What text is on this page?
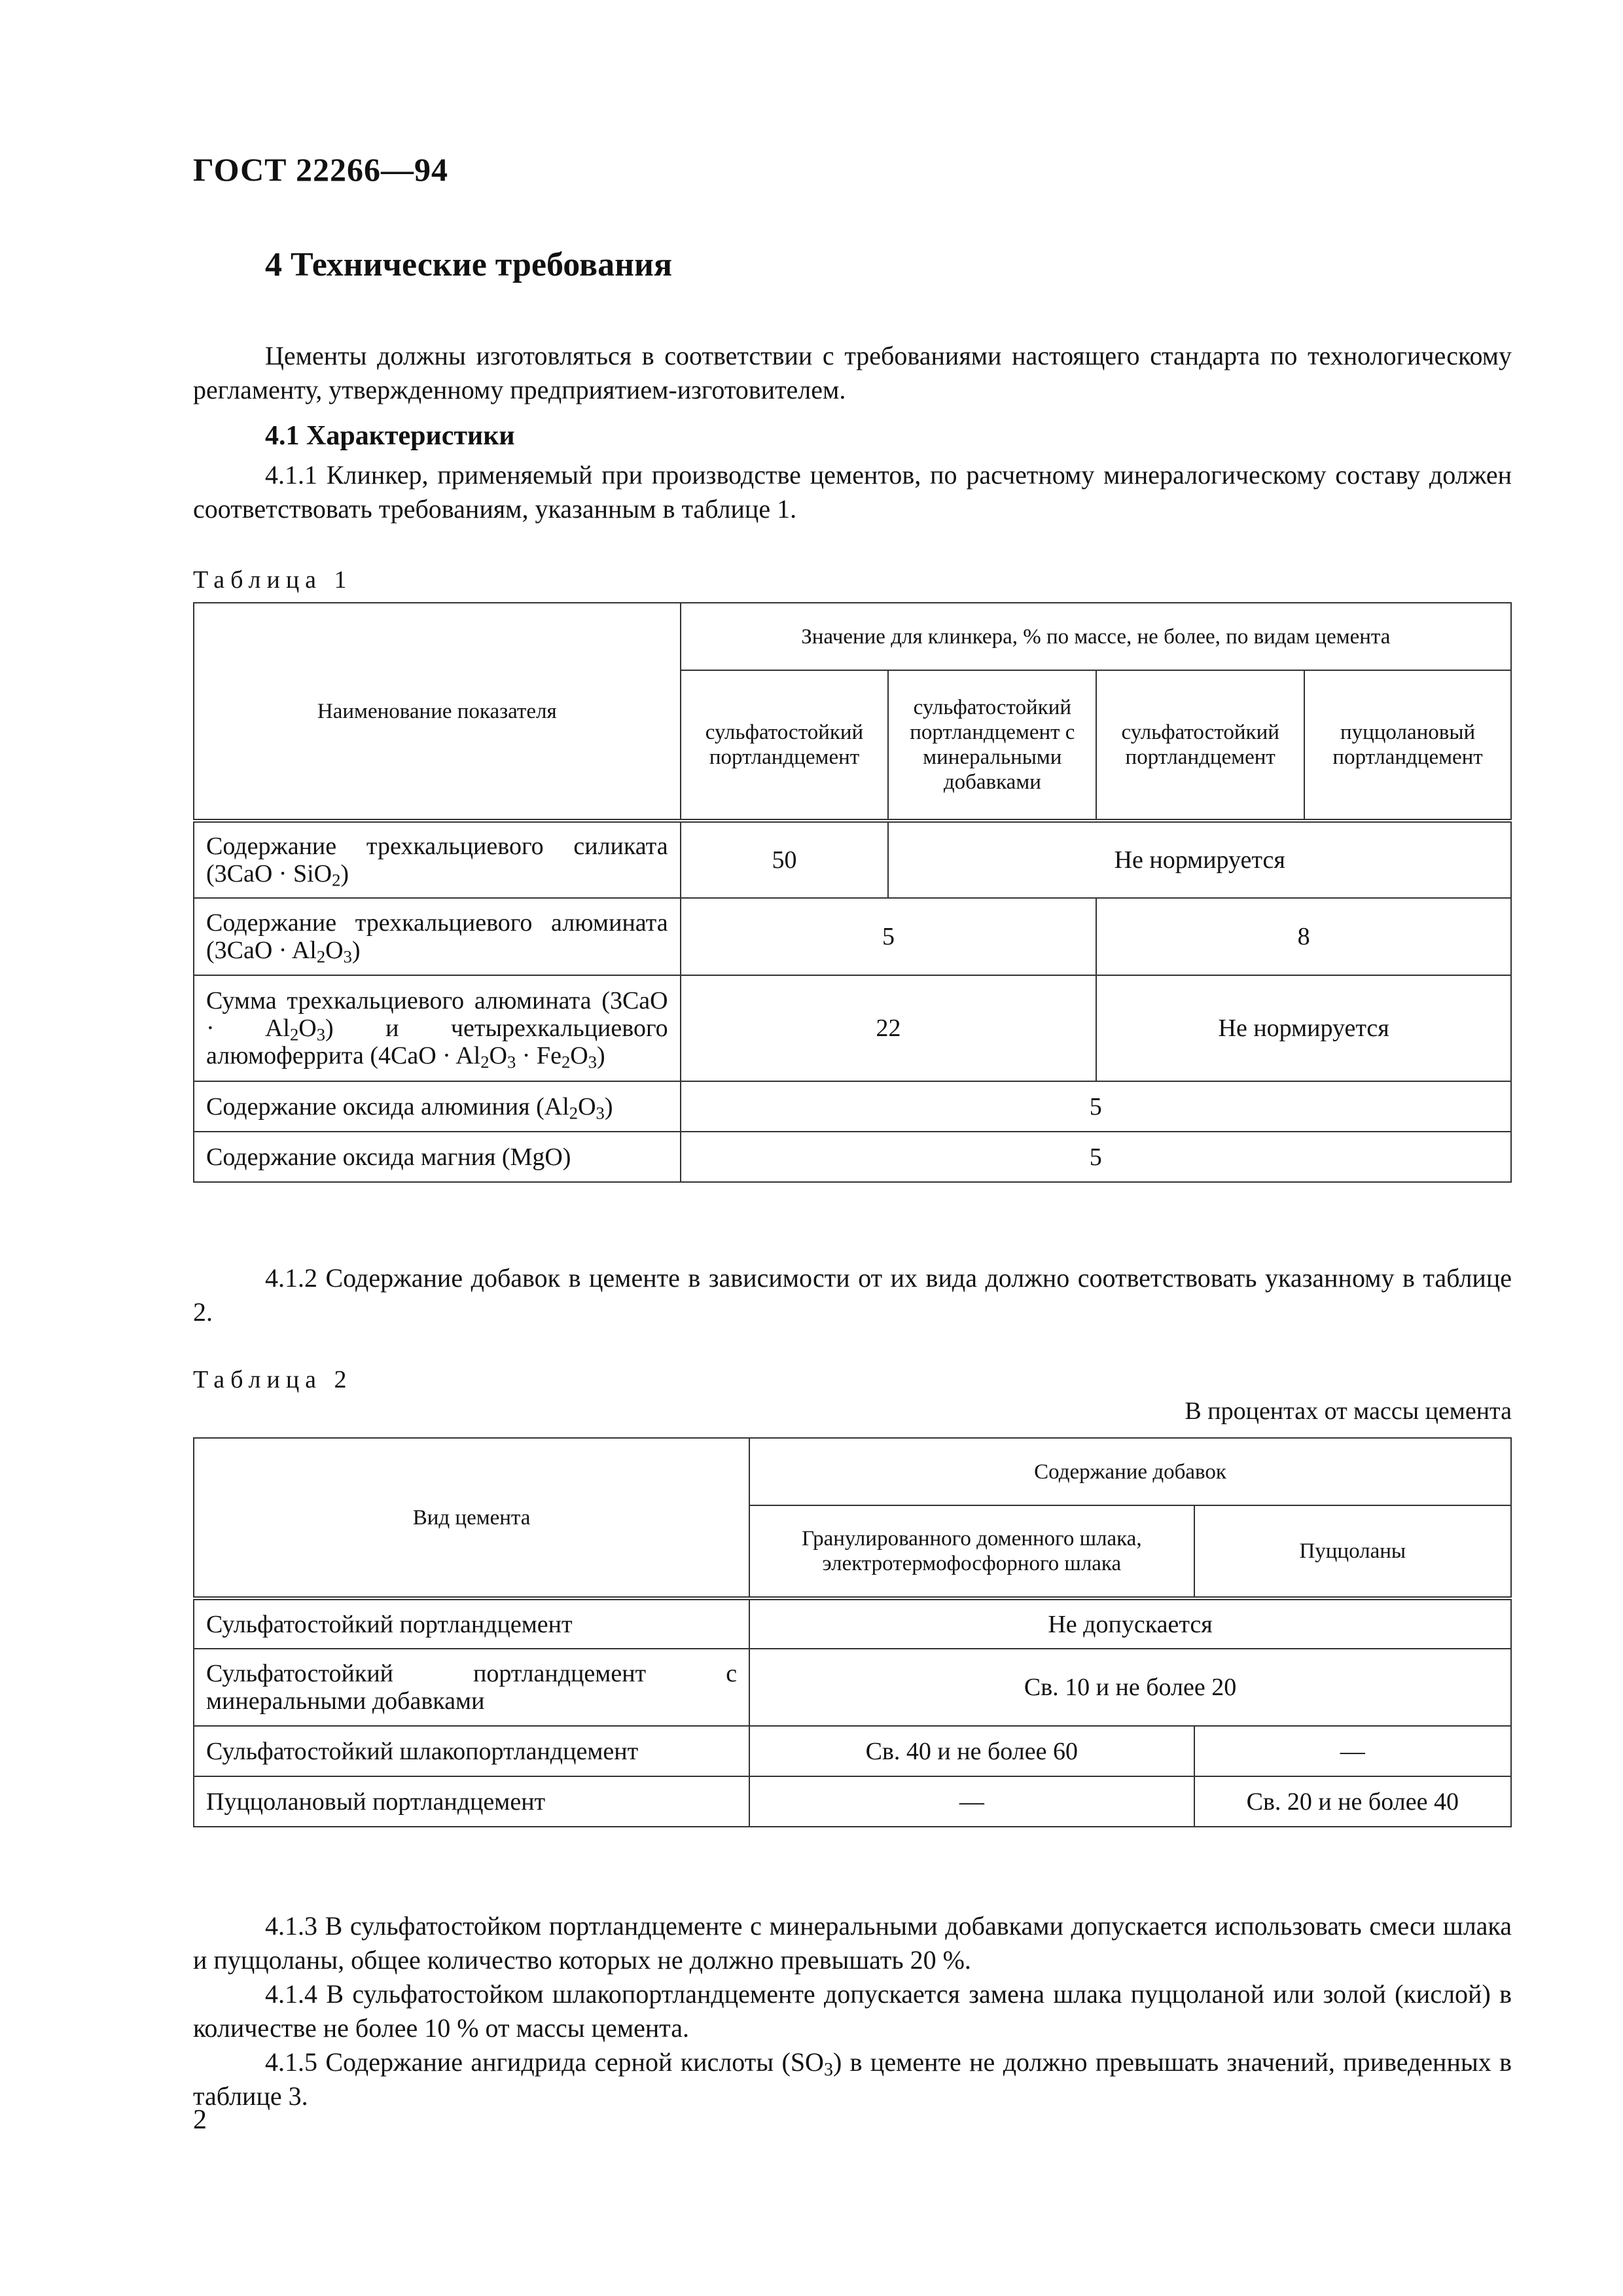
ГОСТ 22266—94
4 Технические требования

Цементы должны изготовляться в соответствии с требованиями настоящего стандарта по технологическому регламенту, утвержденному предприятием-изготовителем.

4.1 Характеристики

4.1.1 Клинкер, применяемый при производстве цементов, по расчетному минералогическому составу должен соответствовать требованиям, указанным в таблице 1.

Таблица 1
Наименование показателя	Значение для клинкера, % по массе, не более, по видам цемента			
	сульфатостойкий портландцемент	сульфатостойкий портландцемент с минеральными добавками	сульфатостойкий портландцемент	пуццолановый портландцемент
Содержание трехкальциевого силиката (3CaO · SiO$_2$)	50	Не нормируется		
Содержание трехкальциевого алюмината $(3CaO \cdot Al_2O_3)$	5		8	
Сумма трехкальциевого алюмината $(3CaO \cdot Al_2O_3)$ и четырехкальциевого алюмоферрита $(4CaO \cdot Al_2O_3 \cdot Fe_2O_3)$	22		Не нормируется	
Содержание оксида алюминия $(Al_2O_3)$	5			
Содержание оксида магния (MgO)	5			

4.1.2 Содержание добавок в цементе в зависимости от их вида должно соответствовать указанному в таблице 2.

Таблица 2
В процентах от массы цемента
Вид цемента	Содержание добавок	
	Гранулированного доменного шлака, электротермофосфорного шлака	Пуццоланы
Сульфатостойкий портландцемент	Не допускается	
Сульфатостойкий портландцемент с минеральными добавками	Св. 10 и не более 20	
Сульфатостойкий шлакопортландцемент	Св. 40 и не более 60	—
Пуццолановый портландцемент	—	Св. 20 и не более 40

4.1.3 В сульфатостойком портландцементе с минеральными добавками допускается использовать смеси шлака и пуццоланы, общее количество которых не должно превышать 20 %.

4.1.4 В сульфатостойком шлакопортландцементе допускается замена шлака пуццоланой или золой (кислой) в количестве не более 10 % от массы цемента.

4.1.5 Содержание ангидрида серной кислоты $(SO_3)$ в цементе не должно превышать значений, приведенных в таблице 3.

2
